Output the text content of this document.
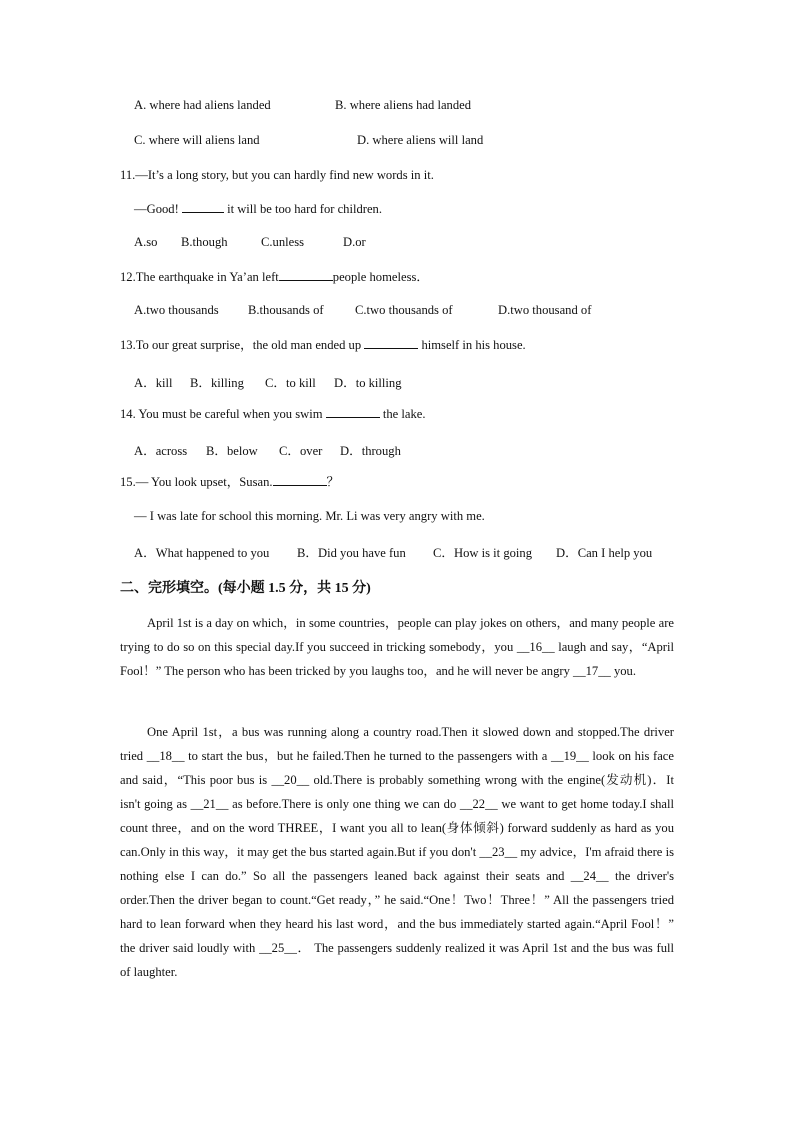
A. where had aliens landed	B. where aliens had landed
C. where will aliens land	D. where aliens will land
11.—It’s a long story, but you can hardly find new words in it.
—Good!	it will be too hard for children.
A.so B.though	C.unless	D.or
12.The earthquake in Ya’an left	people homeless．
A.two thousands B.thousands of C.two thousands of	D.two thousand of
13.To our great surprise，the old man ended up	himself in his house.
A．kill B．killing C．to kill D．to killing
14. You must be careful when you swim	the lake.
A．across B．below C．over D．through
15.— You look upset，Susan.	？
— I was late for school this morning. Mr. Li was very angry with me.
A．What happened to you B．Did you have fun C．How is it going D．Can I help you
二、完形填空。(每小题 1.5 分，共 15 分)

April 1st is a day on which，in some countries，people can play jokes on others，and many people are trying to do so on this special day.If you succeed in tricking somebody，you __16__ laugh and say，“April Fool！” The person who has been tricked by you laughs too，and he will never be angry __17__ you.

One April 1st，a bus was running along a country road.Then it slowed down and stopped.The driver tried __18__ to start the bus，but he failed.Then he turned to the passengers with a __19__ look on his face and said，“This poor bus is __20__ old.There is probably something wrong with the engine(发动机)．It isn't going as __21__ as before.There is only one thing we can do __22__ we want to get home today.I shall count three，and on the word THREE，I want you all to lean(身体倾斜) forward suddenly as hard as you can.Only in this way，it may get the bus started again.But if you don't __23__ my advice，I'm afraid there is nothing else I can do.” So all the passengers leaned back against their seats and __24__ the driver's order.Then the driver began to count.“Get ready，” he said.“One！Two！Three！” All the passengers tried hard to lean forward when they heard his last word，and the bus immediately started again.“April Fool！” the driver said loudly with __25__． The passengers suddenly realized it was April 1st and the bus was full of laughter.
